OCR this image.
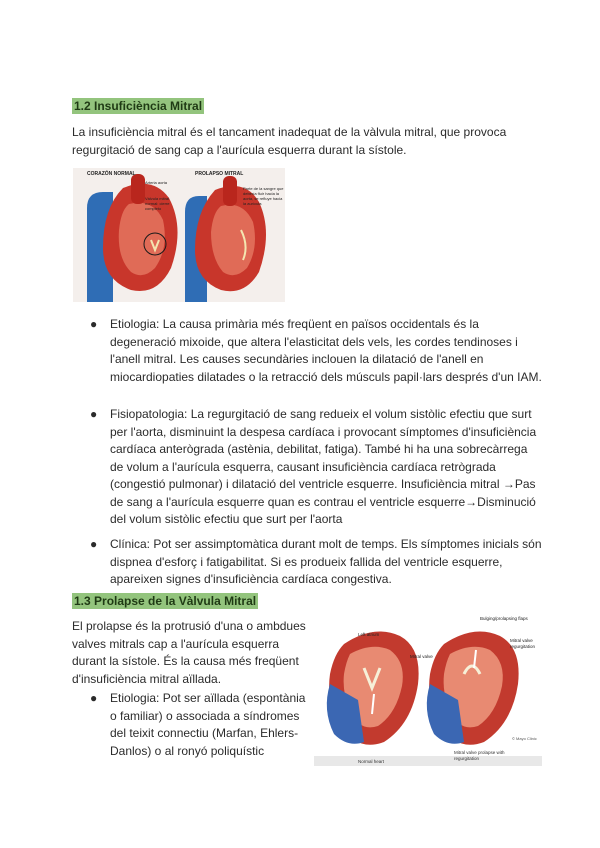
1.2 Insuficiència Mitral
La insuficiència mitral és el tancament inadequat de la vàlvula mitral, que provoca regurgitació de sang cap a l'aurícula esquerra durant la sístole.
CORAZÓN NORMAL	PROLAPSO MITRAL
Arteria aorta
Válvula mitral normal: cierre completo
Parte de la sangre que debería fluir hacia la aorta, se refluye hacia la aurícula
● Etiologia: La causa primària més freqüent en països occidentals és la degeneració mixoide, que altera l'elasticitat dels vels, les cordes tendinoses i l'anell mitral. Les causes secundàries inclouen la dilatació de l'anell en miocardiopaties dilatades o la retracció dels músculs papil·lars després d'un IAM.
● Fisiopatologia: La regurgitació de sang redueix el volum sistòlic efectiu que surt per l'aorta, disminuint la despesa cardíaca i provocant símptomes d'insuficiència cardíaca anterògrada (astènia, debilitat, fatiga). També hi ha una sobrecàrrega de volum a l'aurícula esquerra, causant insuficiència cardíaca retrògrada (congestió pulmonar) i dilatació del ventricle esquerre. Insuficiència mitral →Pas de sang a l'aurícula esquerre quan es contrau el ventricle esquerre→Disminució del volum sistòlic efectiu que surt per l'aorta
● Clínica: Pot ser assimptomàtica durant molt de temps. Els símptomes inicials són dispnea d'esforç i fatigabilitat. Si es produeix fallida del ventricle esquerre, apareixen signes d'insuficiència cardíaca congestiva.
1.3 Prolapse de la Vàlvula Mitral
El prolapse és la protrusió d'una o ambdues valves mitrals cap a l'aurícula esquerra durant la sístole. És la causa més freqüent d'insuficiència mitral aïllada.
Left atrium
Mitral valve
Bulging/prolapsing flaps
Mitral valve regurgitation
Normal heart
Mitral valve prolapse with regurgitation
© Mayo Clinic
● Etiologia: Pot ser aïllada (espontània o familiar) o associada a síndromes del teixit connectiu (Marfan, Ehlers-Danlos) o al ronyó poliquístic
